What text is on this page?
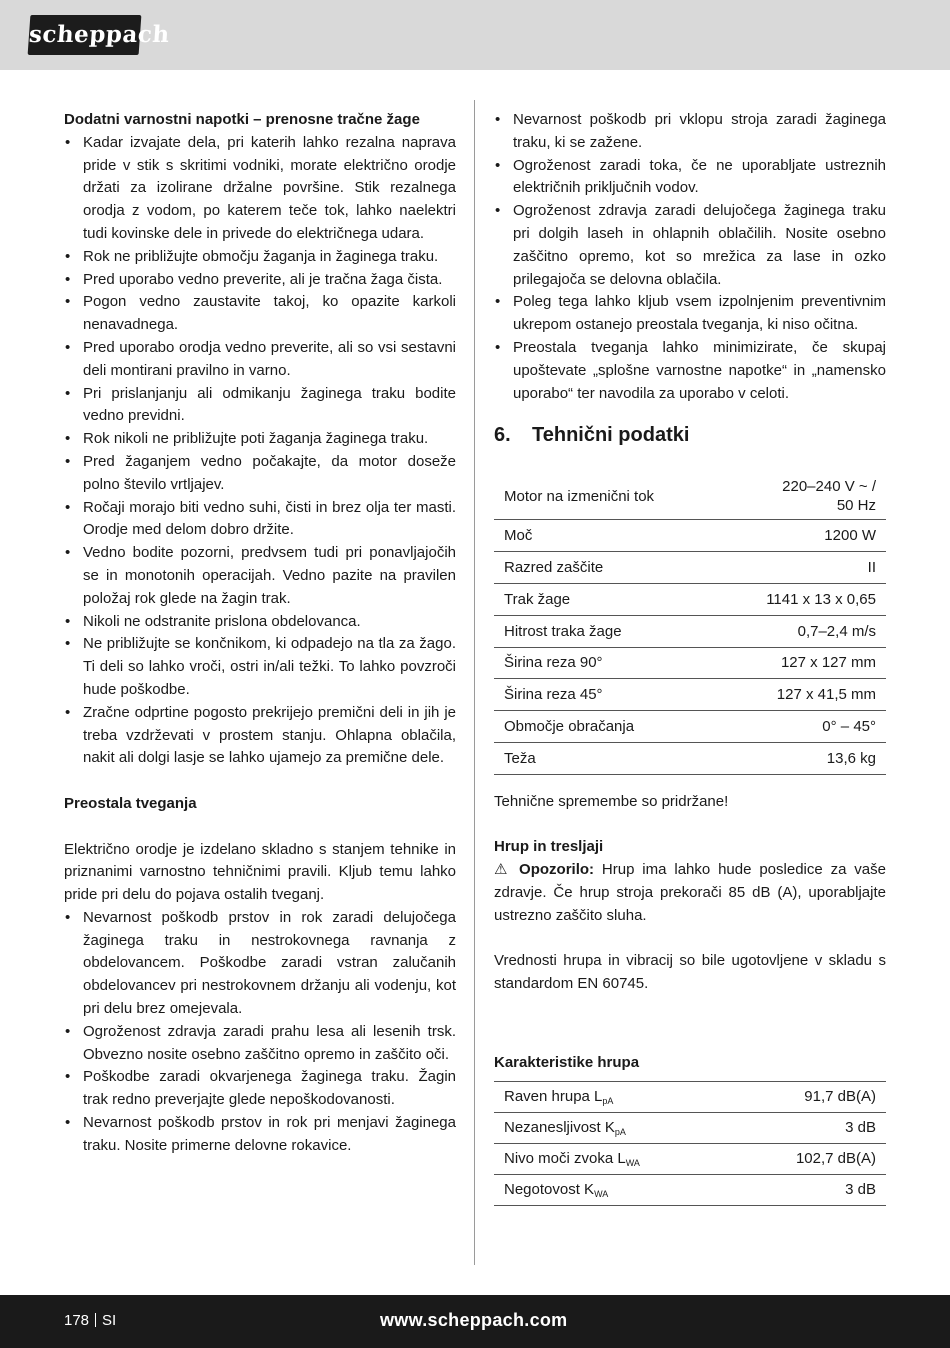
scheppach
Dodatni varnostni napotki – prenosne tračne žage
• Kadar izvajate dela, pri katerih lahko rezalna naprava pride v stik s skritimi vodniki, morate električno orodje držati za izolirane držalne površine. Stik rezalnega orodja z vodom, po katerem teče tok, lahko naelektri tudi kovinske dele in privede do električnega udara.
• Rok ne približujte območju žaganja in žaginega traku.
• Pred uporabo vedno preverite, ali je tračna žaga čista.
• Pogon vedno zaustavite takoj, ko opazite karkoli nenavadnega.
• Pred uporabo orodja vedno preverite, ali so vsi sestavni deli montirani pravilno in varno.
• Pri prislanjanju ali odmikanju žaginega traku bodite vedno previdni.
• Rok nikoli ne približujte poti žaganja žaginega traku.
• Pred žaganjem vedno počakajte, da motor doseže polno število vrtljajev.
• Ročaji morajo biti vedno suhi, čisti in brez olja ter masti. Orodje med delom dobro držite.
• Vedno bodite pozorni, predvsem tudi pri ponavljajočih se in monotonih operacijah. Vedno pazite na pravilen položaj rok glede na žagin trak.
• Nikoli ne odstranite prislona obdelovanca.
• Ne približujte se končnikom, ki odpadejo na tla za žago. Ti deli so lahko vroči, ostri in/ali težki. To lahko povzroči hude poškodbe.
• Zračne odprtine pogosto prekrijejo premični deli in jih je treba vzdrževati v prostem stanju. Ohlapna oblačila, nakit ali dolgi lasje se lahko ujamejo za premične dele.
Preostala tveganja

Električno orodje je izdelano skladno s stanjem tehnike in priznanimi varnostno tehničnimi pravili. Kljub temu lahko pride pri delu do pojava ostalih tveganj.

• Nevarnost poškodb prstov in rok zaradi delujočega žaginega traku in nestrokovnega ravnanja z obdelovancem. Poškodbe zaradi vstran zalučanih obdelovancev pri nestrokovnem držanju ali vodenju, kot pri delu brez omejevala.
• Ogroženost zdravja zaradi prahu lesa ali lesenih trsk. Obvezno nosite osebno zaščitno opremo in zaščito oči.
• Poškodbe zaradi okvarjenega žaginega traku. Žagin trak redno preverjajte glede nepoškodovanosti.
• Nevarnost poškodb prstov in rok pri menjavi žaginega traku. Nosite primerne delovne rokavice.
• Nevarnost poškodb pri vklopu stroja zaradi žaginega traku, ki se zažene.
• Ogroženost zaradi toka, če ne uporabljate ustreznih električnih priključnih vodov.
• Ogroženost zdravja zaradi delujočega žaginega traku pri dolgih laseh in ohlapnih oblačilih. Nosite osebno zaščitno opremo, kot so mrežica za lase in ozko prilegajoča se delovna oblačila.
• Poleg tega lahko kljub vsem izpolnjenim preventivnim ukrepom ostanejo preostala tveganja, ki niso očitna.
• Preostala tveganja lahko minimizirate, če skupaj upoštevate „splošne varnostne napotke“ in „namensko uporabo“ ter navodila za uporabo v celoti.
6. Tehnični podatki
Motor na izmenični tok	220–240 V ~ /
50 Hz
Moč	1200 W
Razred zaščite	II
Trak žage	1141 x 13 x 0,65
Hitrost traka žage	0,7–2,4 m/s
Širina reza 90°	127 x 127 mm
Širina reza 45°	127 x 41,5 mm
Območje obračanja	0° – 45°
Teža	13,6 kg

Tehnične spremembe so pridržane!

Hrup in tresljaji

⚠ Opozorilo: Hrup ima lahko hude posledice za vaše zdravje. Če hrup stroja prekorači 85 dB (A), uporabljajte ustrezno zaščito sluha.

Vrednosti hrupa in vibracij so bile ugotovljene v skladu s standardom EN 60745.

Karakteristike hrupa
Raven hrupa $L_{pA}$	91,7 dB(A)
Nezanesljivost $K_{pA}$	3 dB
Nivo moči zvoka $L_{WA}$	102,7 dB(A)
Negotovost $K_{WA}$	3 dB
178 SI	www.scheppach.com
